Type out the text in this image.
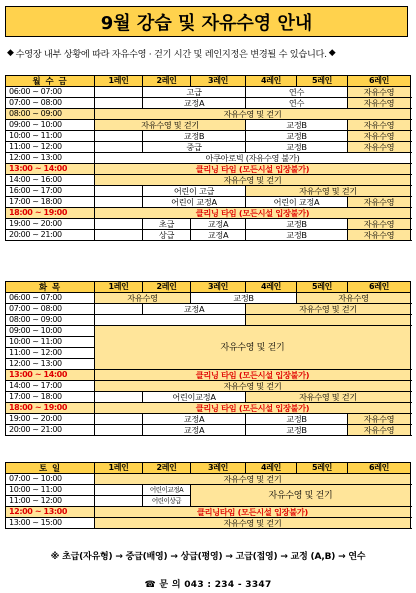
9월 강습 및 자유수영 안내
◆ 수영장 내부 상황에 따라 자유수영 · 걷기 시간 및 레인지정은 변경될 수 있습니다. ◆
월 수 금	1레인	2레인	3레인	4레인	5레인	6레인
06:00 ~ 07:00		고급		연수		자유수영
07:00 ~ 08:00		교정A		연수		자유수영
08:00 ~ 09:00	자유수영 및 걷기					
09:00 ~ 10:00	자유수영 및 걷기			교정B		자유수영
10:00 ~ 11:00		교정B		교정B		자유수영
11:00 ~ 12:00		중급		교정B		자유수영
12:00 ~ 13:00	아쿠아로빅 (자유수영 불가)					
13:00 ~ 14:00	클리닝 타임 (모든시설 입장불가)					
14:00 ~ 16:00	자유수영 및 걷기					
16:00 ~ 17:00		어린이 고급		자유수영 및 걷기		
17:00 ~ 18:00		어린이 교정A		어린이 교정A		자유수영
18:00 ~ 19:00	클리닝 타임 (모든시설 입장불가)					
19:00 ~ 20:00		초급	교정A	교정B		자유수영
20:00 ~ 21:00		상급	교정A	교정B		자유수영
화 목	1레인	2레인	3레인	4레인	5레인	6레인
06:00 ~ 07:00	자유수영		교정B		자유수영	
07:00 ~ 08:00		교정A		자유수영 및 걷기		
08:00 ~ 09:00						
09:00 ~ 10:00	자유수영 및 걷기					
10:00 ~ 11:00						
11:00 ~ 12:00						
12:00 ~ 13:00						
13:00 ~ 14:00	클리닝 타임 (모든시설 입장불가)					
14:00 ~ 17:00	자유수영 및 걷기					
17:00 ~ 18:00		어린이교정A		자유수영 및 걷기		
18:00 ~ 19:00	클리닝 타임 (모든시설 입장불가)					
19:00 ~ 20:00		교정A		교정B		자유수영
20:00 ~ 21:00		교정A		교정B		자유수영
토 일	1레인	2레인	3레인	4레인	5레인	6레인
07:00 ~ 10:00	자유수영 및 걷기					
10:00 ~ 11:00		어린이교정A	자유수영 및 걷기			
11:00 ~ 12:00		어린이상급				
12:00 ~ 13:00	클리닝타임 (모든시설 입장불가)					
13:00 ~ 15:00	자유수영 및 걷기					
※ 초급(자유형) → 중급(배영) → 상급(평영) → 고급(접영) → 교정 (A,B) → 연수
☎ 문 의 043 : 234 - 3347
